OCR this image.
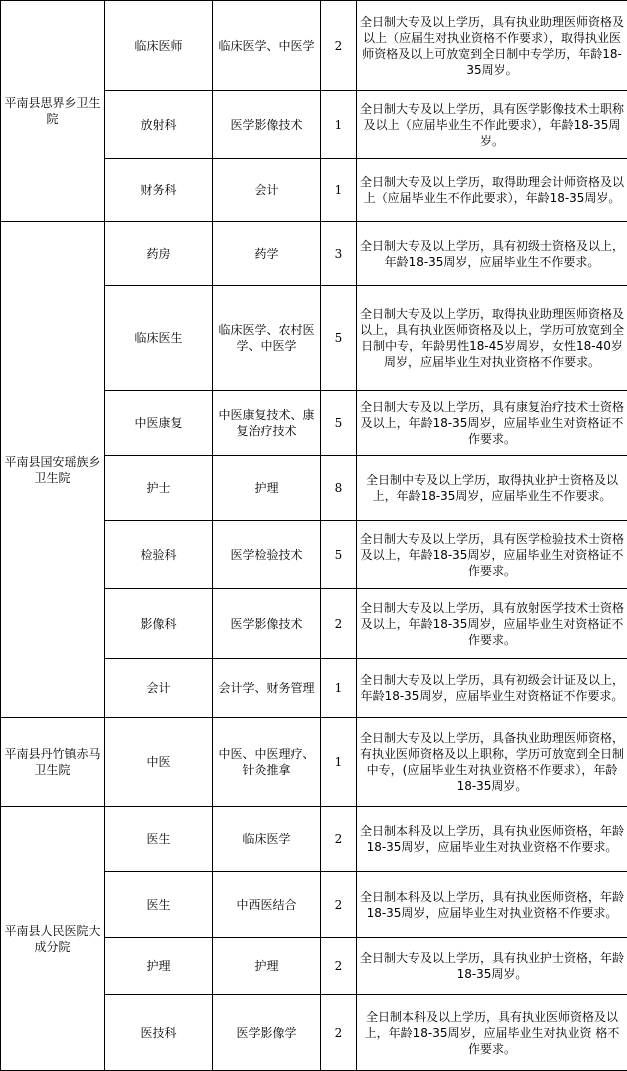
平南县思界乡卫生院	临床医师	临床医学、中医学	2	全日制大专及以上学历，具有执业助理医师资格及以上（应届生对执业资格不作要求），取得执业医师资格及以上可放宽到全日制中专学历，年龄18-35周岁。
	放射科	医学影像技术	1	全日制大专及以上学历，具有医学影像技术士职称及以上（应届毕业生不作此要求），年龄18-35周岁。
	财务科	会计	1	全日制大专及以上学历，取得助理会计师资格及以上（应届毕业生不作此要求），年龄18-35周岁。
平南县国安瑶族乡卫生院	药房	药学	3	全日制大专及以上学历，具有初级士资格及以上，年龄18-35周岁，应届毕业生不作要求。
	临床医生	临床医学、农村医学、中医学	5	全日制大专及以上学历，取得执业助理医师资格及以上，具有执业医师资格及以上，学历可放宽到全日制中专，年龄男性18-45岁周岁，女性18-40岁周岁，应届毕业生对执业资格不作要求。
	中医康复	中医康复技术、康复治疗技术	5	全日制大专及以上学历，具有康复治疗技术士资格及以上，年龄18-35周岁，应届毕业生对资格证不作要求。
	护士	护理	8	全日制中专及以上学历，取得执业护士资格及以上，年龄18-35周岁，应届毕业生不作要求。
	检验科	医学检验技术	5	全日制大专及以上学历，具有医学检验技术士资格及以上，年龄18-35周岁，应届毕业生对资格证不作要求。
	影像科	医学影像技术	2	全日制大专及以上学历，具有放射医学技术士资格及以上，年龄18-35周岁，应届毕业生对资格证不作要求。
	会计	会计学、财务管理	1	全日制大专及以上学历，具有初级会计证及以上，年龄18-35周岁，应届毕业生对资格证不作要求。
平南县丹竹镇赤马卫生院	中医	中医、中医理疗、针灸推拿	1	全日制大专及以上学历，具备执业助理医师资格，有执业医师资格及以上职称，学历可放宽到全日制中专，(应届毕业生对执业资格不作要求），年龄18-35周岁。
平南县人民医院大成分院	医生	临床医学	2	全日制本科及以上学历，具有执业医师资格，年龄18-35周岁，应届毕业生对执业资格不作要求。
	医生	中西医结合	2	全日制本科及以上学历，具有执业医师资格，年龄18-35周岁，应届毕业生对执业资格不作要求。
	护理	护理	2	全日制大专及以上学历，具有执业护士资格，年龄18-35周岁。
	医技科	医学影像学	2	全日制本科及以上学历，具有执业医师资格及以上，年龄18-35周岁，应届毕业生对执业资 格不作要求。
